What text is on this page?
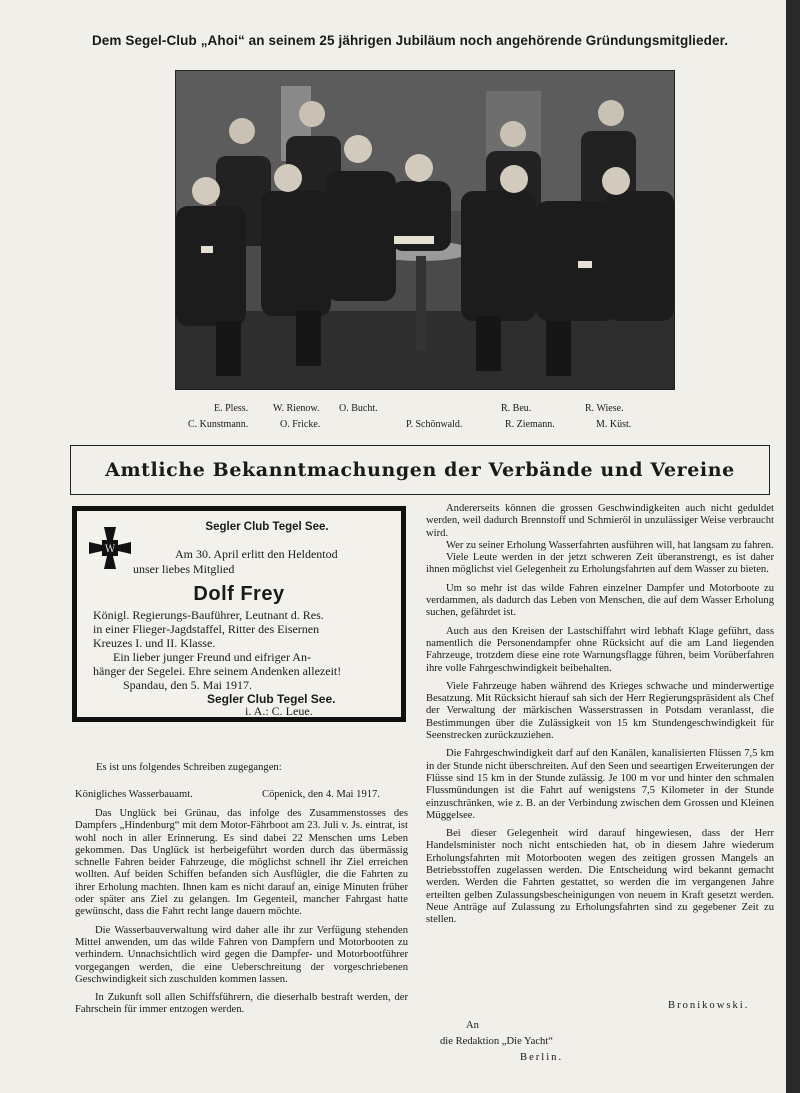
Dem Segel-Club „Ahoi“ an seinem 25 jährigen Jubiläum noch angehörende Gründungsmitglieder.
E. Pless. W. Rienow. O. Bucht.	R. Beu.	R. Wiese.
C. Kunstmann.	O. Fricke.	P. Schönwald.	R. Ziemann.	M. Küst.
Amtliche Bekanntmachungen der Verbände und Vereine
W
Segler Club Tegel See.
Am 30. April erlitt den Heldentod
unser liebes Mitglied
Dolf Frey
Königl. Regierungs-Bauführer, Leutnant d. Res.
in einer Flieger-Jagdstaffel, Ritter des Eisernen
Kreuzes I. und II. Klasse.
Ein lieber junger Freund und eifriger An-
hänger der Segelei. Ehre seinem Andenken allezeit!
Spandau, den 5. Mai 1917.
Segler Club Tegel See.
i. A.: C. Leue.

Andererseits können die grossen Geschwindigkeiten auch nicht geduldet werden, weil dadurch Brennstoff und Schmieröl in unzulässiger Weise verbraucht wird.

Wer zu seiner Erholung Wasserfahrten ausführen will, hat langsam zu fahren.

Viele Leute werden in der jetzt schweren Zeit überanstrengt, es ist daher ihnen möglichst viel Gelegenheit zu Erholungsfahrten auf dem Wasser zu bieten.

Um so mehr ist das wilde Fahren einzelner Dampfer und Motorboote zu verdammen, als dadurch das Leben von Menschen, die auf dem Wasser Erholung suchen, gefährdet ist.

Auch aus den Kreisen der Lastschiffahrt wird lebhaft Klage geführt, dass namentlich die Personendampfer ohne Rücksicht auf die am Land liegenden Fahrzeuge, trotzdem diese eine rote Warnungsflagge führen, beim Vorüberfahren ihre volle Fahrgeschwindigkeit beibehalten.

Viele Fahrzeuge haben während des Krieges schwache und minderwertige Besatzung. Mit Rücksicht hierauf sah sich der Herr Regierungspräsident als Chef der Verwaltung der märkischen Wasserstrassen in Potsdam veranlasst, die Bestimmungen über die Zulässigkeit von 15 km Stundengeschwindigkeit für Seenstrecken zurückzuziehen.

Die Fahrgeschwindigkeit darf auf den Kanälen, kanalisierten Flüssen 7,5 km in der Stunde nicht überschreiten. Auf den Seen und seeartigen Erweiterungen der Flüsse sind 15 km in der Stunde zulässig. Je 100 m vor und hinter den schmalen Flussmündungen ist die Fahrt auf wenigstens 7,5 Kilometer in der Stunde einzuschränken, wie z. B. an der Verbindung zwischen dem Grossen und Kleinen Müggelsee.

Bei dieser Gelegenheit wird darauf hingewiesen, dass der Herr Handelsminister noch nicht entschieden hat, ob in diesem Jahre wiederum Erholungsfahrten mit Motorbooten wegen des zeitigen grossen Mangels an Betriebsstoffen zugelassen werden. Die Entscheidung wird bekannt gemacht werden. Werden die Fahrten gestattet, so werden die im vergangenen Jahre erteilten gelben Zulassungsbescheinigungen von neuem in Kraft gesetzt werden. Neue Anträge auf Zulassung zu Erholungsfahrten sind zu gegebener Zeit zu stellen.

Bronikowski.
An
die Redaktion „Die Yacht“
Berlin.
Es ist uns folgendes Schreiben zugegangen:
Königliches Wasserbauamt.	Cöpenick, den 4. Mai 1917.

Das Unglück bei Grünau, das infolge des Zusammenstosses des Dampfers „Hindenburg“ mit dem Motor-Fährboot am 23. Juli v. Js. eintrat, ist wohl noch in aller Erinnerung. Es sind dabei 22 Menschen ums Leben gekommen. Das Unglück ist herbeigeführt worden durch das übermässig schnelle Fahren beider Fahrzeuge, die möglichst schnell ihr Ziel erreichen wollten. Auf beiden Schiffen befanden sich Ausflügler, die die Fahrten zu ihrer Erholung machten. Ihnen kam es nicht darauf an, einige Minuten früher oder später ans Ziel zu gelangen. Im Gegenteil, mancher Fahrgast hatte gewünscht, dass die Fahrt recht lange dauern möchte.

Die Wasserbauverwaltung wird daher alle ihr zur Verfügung stehenden Mittel anwenden, um das wilde Fahren von Dampfern und Motorbooten zu verhindern. Unnachsichtlich wird gegen die Dampfer- und Motorbootführer vorgegangen werden, die eine Ueberschreitung der vorgeschriebenen Geschwindigkeit sich zuschulden kommen lassen.

In Zukunft soll allen Schiffsführern, die dieserhalb bestraft werden, der Fahrschein für immer entzogen werden.
